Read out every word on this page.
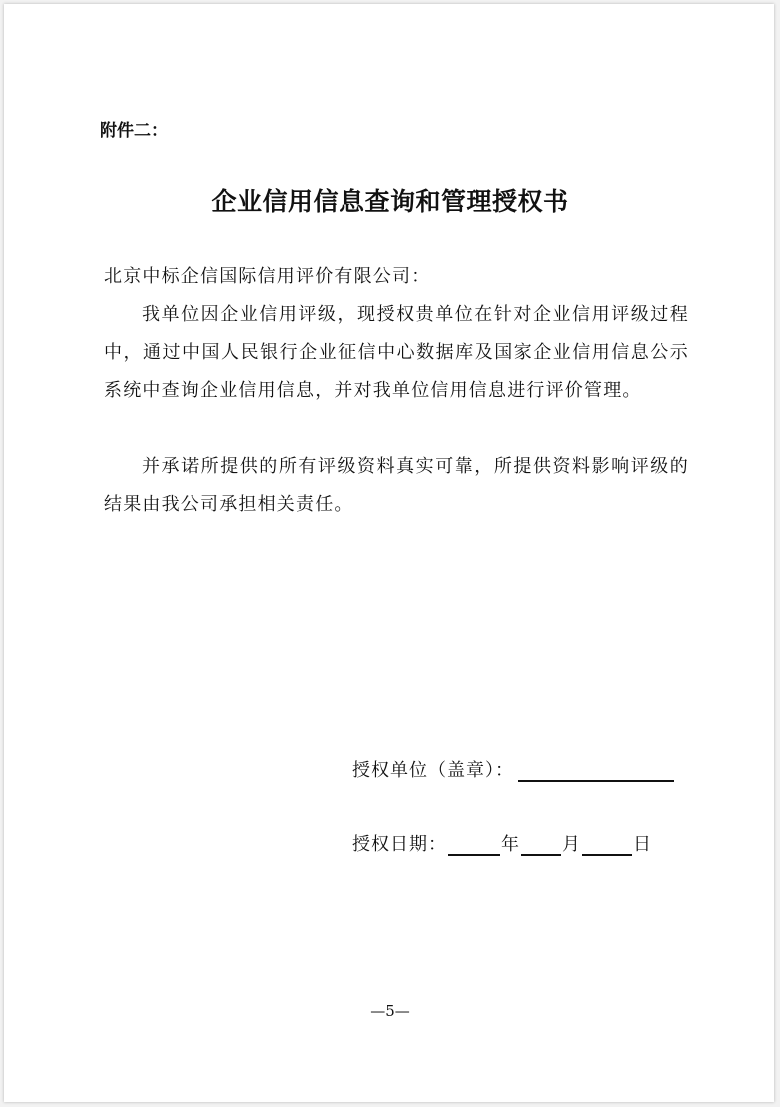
附件二：
企业信用信息查询和管理授权书
北京中标企信国际信用评价有限公司：
我单位因企业信用评级，现授权贵单位在针对企业信用评级过程中，通过中国人民银行企业征信中心数据库及国家企业信用信息公示系统中查询企业信用信息，并对我单位信用信息进行评价管理。
并承诺所提供的所有评级资料真实可靠，所提供资料影响评级的结果由我公司承担相关责任。
授权单位（盖章）：
授权日期：	年 月	日
—5—
